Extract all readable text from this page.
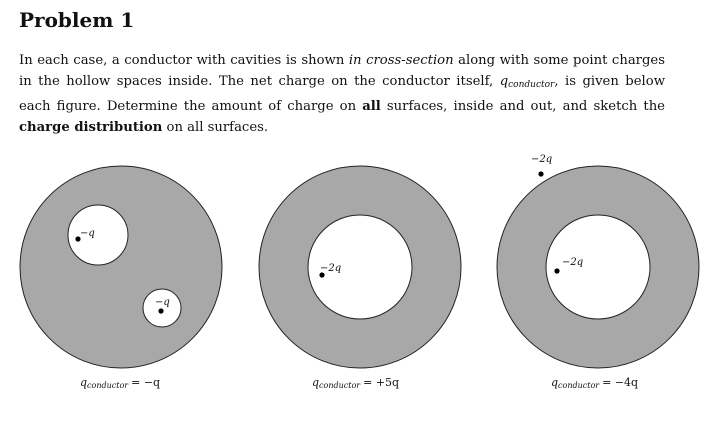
Problem 1

In each case, a conductor with cavities is shown in cross-section along with some point charges in the hollow spaces inside. The net charge on the conductor itself, $q_{conductor}$, is given below each figure. Determine the amount of charge on all surfaces, inside and out, and sketch the charge distribution on all surfaces.

−q
−q
qconductor = −q
−2q
qconductor = +5q
−2q
−2q
qconductor = −4q
